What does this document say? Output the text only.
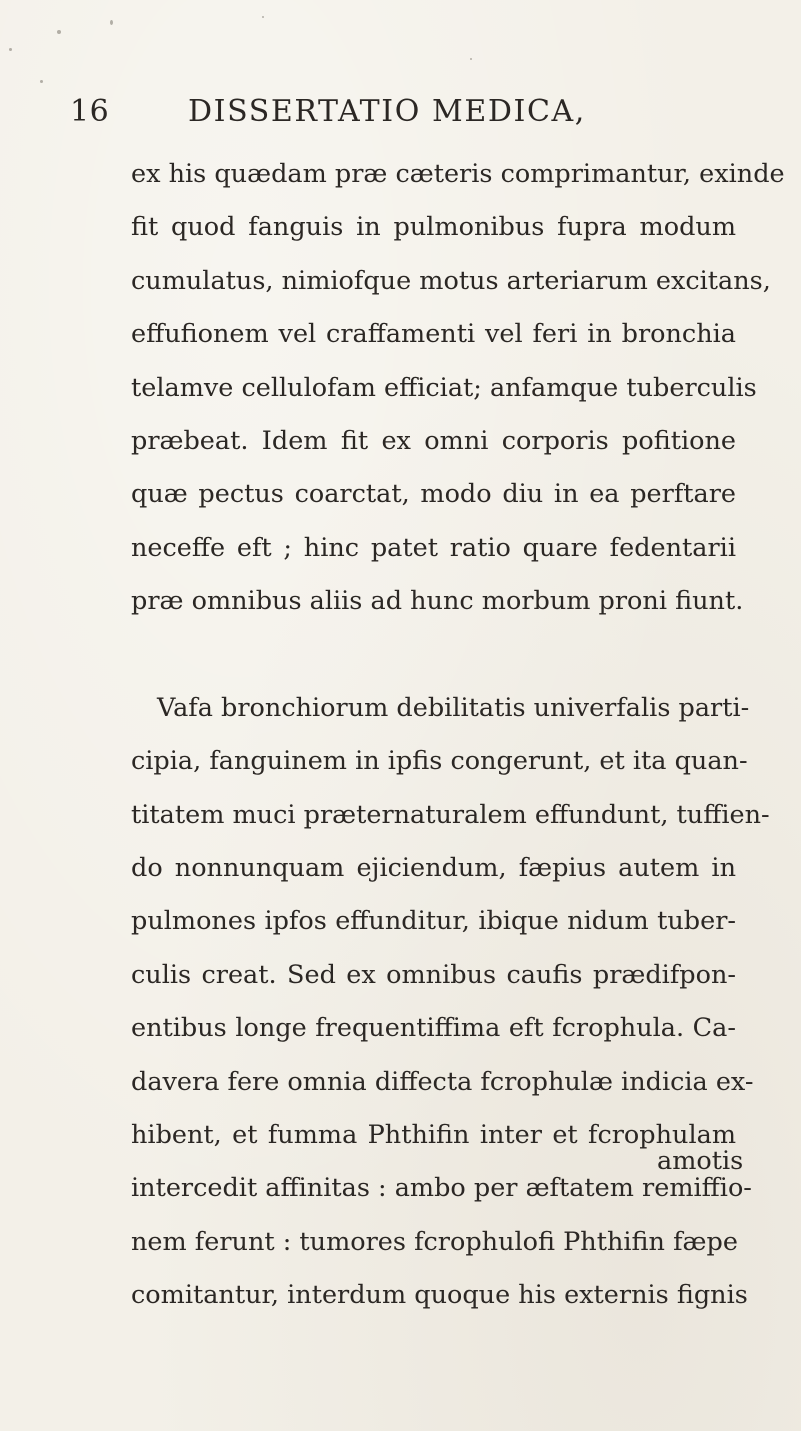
16	DISSERTATIO MEDICA,
ex his quædam præ cæteris comprimantur, exinde
fit quod fanguis in pulmonibus fupra modum
cumulatus, nimiofque motus arteriarum excitans,
effufionem vel craffamenti vel feri in bronchia
telamve cellulofam efficiat; anfamque tuberculis
præbeat. Idem fit ex omni corporis pofitione
quæ pectus coarctat, modo diu in ea perftare
neceffe eft ; hinc patet ratio quare fedentarii
præ omnibus aliis ad hunc morbum proni fiunt.
Vafa bronchiorum debilitatis univerfalis parti-
cipia, fanguinem in ipfis congerunt, et ita quan-
titatem muci præternaturalem effundunt, tuffien-
do nonnunquam ejiciendum, fæpius autem in
pulmones ipfos effunditur, ibique nidum tuber-
culis creat. Sed ex omnibus caufis prædifpon-
entibus longe frequentiffima eft fcrophula. Ca-
davera fere omnia diffecta fcrophulæ indicia ex-
hibent, et fumma Phthifin inter et fcrophulam
intercedit affinitas : ambo per æftatem remiffio-
nem ferunt : tumores fcrophulofi Phthifin fæpe
comitantur, interdum quoque his externis fignis
amotis
